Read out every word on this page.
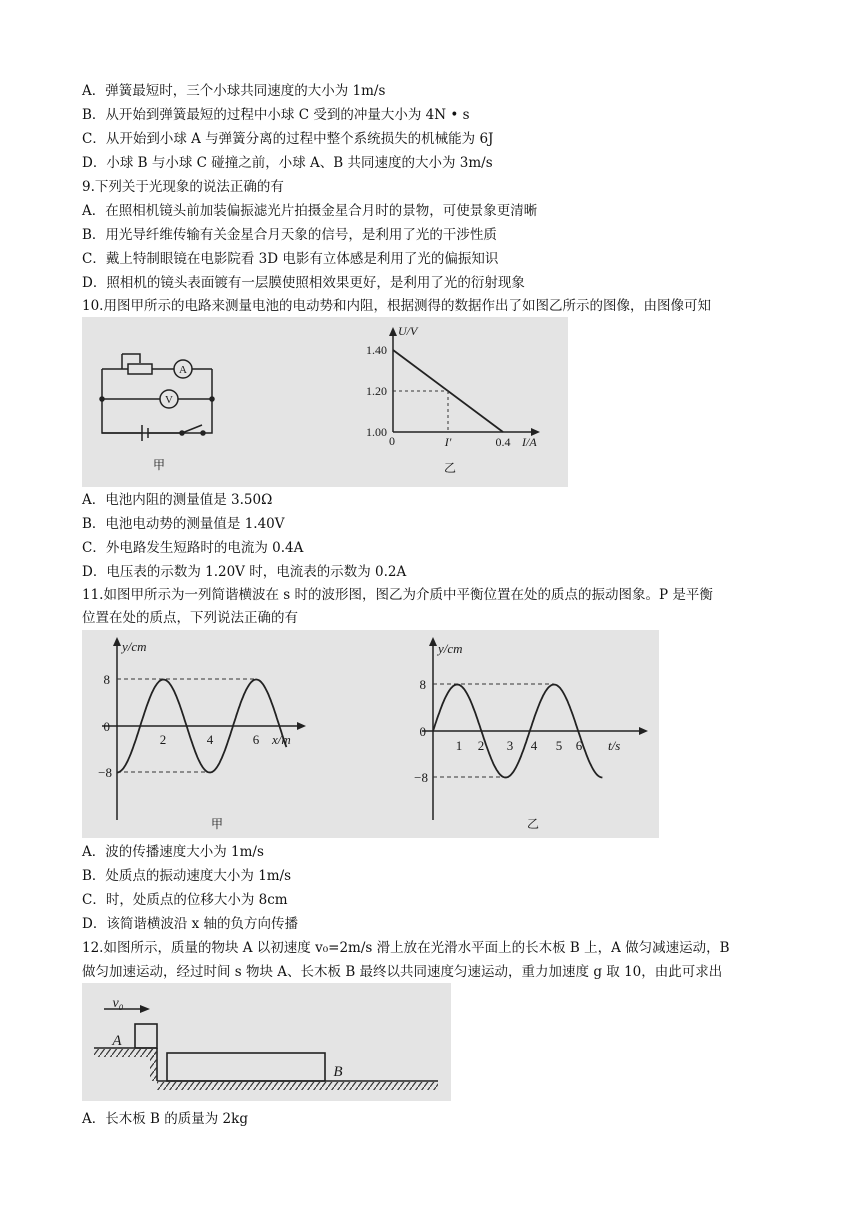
A．弹簧最短时，三个小球共同速度的大小为 1m/s
B．从开始到弹簧最短的过程中小球 C 受到的冲量大小为 4N • s
C．从开始到小球 A 与弹簧分离的过程中整个系统损失的机械能为 6J
D．小球 B 与小球 C 碰撞之前，小球 A、B 共同速度的大小为 3m/s
9.下列关于光现象的说法正确的有
A．在照相机镜头前加装偏振滤光片拍摄金星合月时的景物，可使景象更清晰
B．用光导纤维传输有关金星合月天象的信号，是利用了光的干涉性质
C．戴上特制眼镜在电影院看 3D 电影有立体感是利用了光的偏振知识
D．照相机的镜头表面镀有一层膜使照相效果更好，是利用了光的衍射现象
10.用图甲所示的电路来测量电池的电动势和内阻，根据测得的数据作出了如图乙所示的图像，由图像可知
A
V
甲
U/V
1.40
1.20
1.00
0	I'	0.4 I/A
乙
A．电池内阻的测量值是 3.50Ω
B．电池电动势的测量值是 1.40V
C．外电路发生短路时的电流为 0.4A
D．电压表的示数为 1.20V 时，电流表的示数为 0.2A
11.如图甲所示为一列简谐横波在 s 时的波形图，图乙为介质中平衡位置在处的质点的振动图象。P 是平衡
位置在处的质点，下列说法正确的有
y/cm
8
0
−8
2	4	6 x/m
甲
y/cm
8
0
−8
1 2 3 4 5 6 t/s
乙
A．波的传播速度大小为 1m/s
B．处质点的振动速度大小为 1m/s
C．时，处质点的位移大小为 8cm
D．该简谐横波沿 x 轴的负方向传播
12.如图所示，质量的物块 A 以初速度 v₀=2m/s 滑上放在光滑水平面上的长木板 B 上，A 做匀减速运动，B
做匀加速运动，经过时间 s 物块 A、长木板 B 最终以共同速度匀速运动，重力加速度 g 取 10，由此可求出
v₀
A
B
A．长木板 B 的质量为 2kg
